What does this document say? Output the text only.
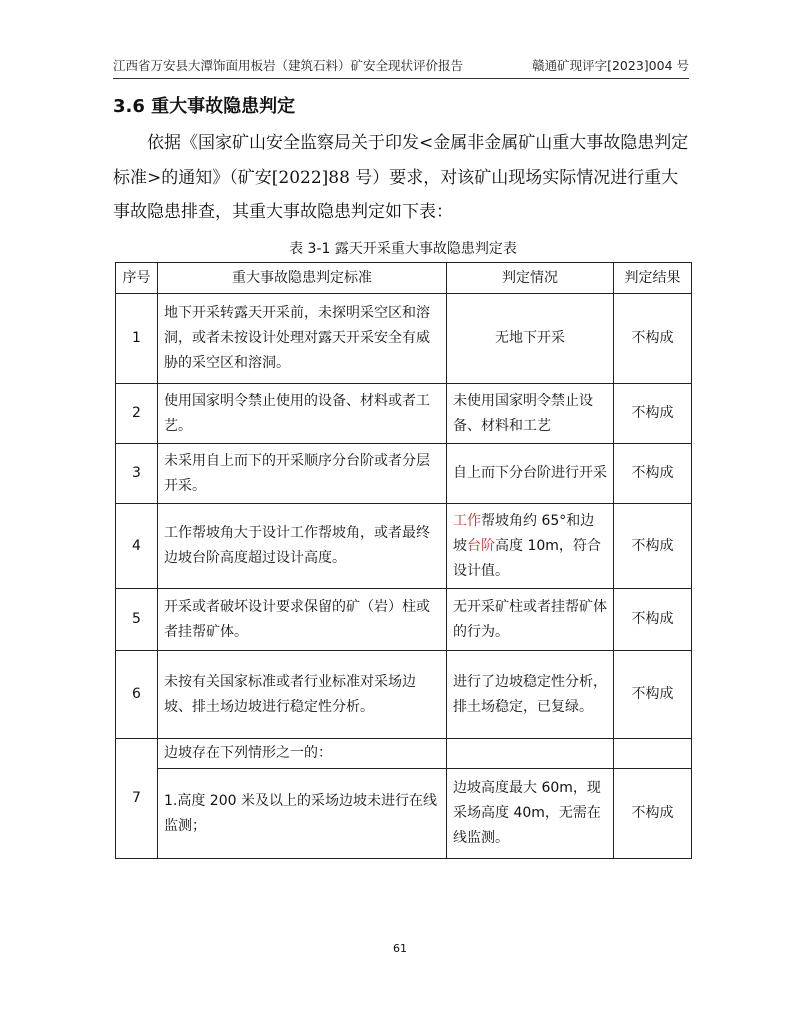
江西省万安县大潭饰面用板岩（建筑石料）矿安全现状评价报告	赣通矿现评字[2023]004 号
3.6 重大事故隐患判定

依据《国家矿山安全监察局关于印发<金属非金属矿山重大事故隐患判定标准>的通知》（矿安[2022]88 号）要求，对该矿山现场实际情况进行重大事故隐患排查，其重大事故隐患判定如下表：

表 3-1 露天开采重大事故隐患判定表
序号	重大事故隐患判定标准	判定情况	判定结果
1	地下开采转露天开采前，未探明采空区和溶洞，或者未按设计处理对露天开采安全有威胁的采空区和溶洞。	无地下开采	不构成
2	使用国家明令禁止使用的设备、材料或者工艺。	未使用国家明令禁止设备、材料和工艺	不构成
3	未采用自上而下的开采顺序分台阶或者分层开采。	自上而下分台阶进行开采	不构成
4	工作帮坡角大于设计工作帮坡角，或者最终边坡台阶高度超过设计高度。	工作帮坡角约 65°和边坡台阶高度 10m，符合设计值。	不构成
5	开采或者破坏设计要求保留的矿（岩）柱或者挂帮矿体。	无开采矿柱或者挂帮矿体的行为。	不构成
6	未按有关国家标准或者行业标准对采场边坡、排土场边坡进行稳定性分析。	进行了边坡稳定性分析，排土场稳定，已复绿。	不构成
7	边坡存在下列情形之一的：		
	1.高度 200 米及以上的采场边坡未进行在线监测；	边坡高度最大 60m，现采场高度 40m，无需在线监测。	不构成
61
